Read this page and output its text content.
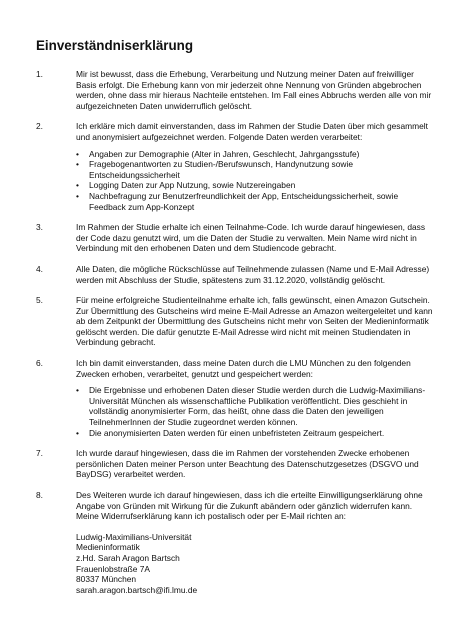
Einverständniserklärung
1.	Mir ist bewusst, dass die Erhebung, Verarbeitung und Nutzung meiner Daten auf freiwilliger Basis erfolgt. Die Erhebung kann von mir jederzeit ohne Nennung von Gründen abgebrochen werden, ohne dass mir hieraus Nachteile entstehen. Im Fall eines Abbruchs werden alle von mir aufgezeichneten Daten unwiderruflich gelöscht.

2.	Ich erkläre mich damit einverstanden, dass im Rahmen der Studie Daten über mich gesammelt und anonymisiert aufgezeichnet werden. Folgende Daten werden verarbeitet:

•	Angaben zur Demographie (Alter in Jahren, Geschlecht, Jahrgangsstufe)
•	Fragebogenantworten zu Studien-/Berufswunsch, Handynutzung sowie Entscheidungssicherheit
•	Logging Daten zur App Nutzung, sowie Nutzereingaben
•	Nachbefragung zur Benutzerfreundlichkeit der App, Entscheidungssicherheit, sowie Feedback zum App-Konzept
3.	Im Rahmen der Studie erhalte ich einen Teilnahme-Code. Ich wurde darauf hingewiesen, dass der Code dazu genutzt wird, um die Daten der Studie zu verwalten. Mein Name wird nicht in Verbindung mit den erhobenen Daten und dem Studiencode gebracht.

4.	Alle Daten, die mögliche Rückschlüsse auf Teilnehmende zulassen (Name und E-Mail Adresse) werden mit Abschluss der Studie, spätestens zum 31.12.2020, vollständig gelöscht.

5.	Für meine erfolgreiche Studienteilnahme erhalte ich, falls gewünscht, einen Amazon Gutschein. Zur Übermittlung des Gutscheins wird meine E-Mail Adresse an Amazon weitergeleitet und kann ab dem Zeitpunkt der Übermittlung des Gutscheins nicht mehr von Seiten der Medieninformatik gelöscht werden. Die dafür genutzte E-Mail Adresse wird nicht mit meinen Studiendaten in Verbindung gebracht.

6.	Ich bin damit einverstanden, dass meine Daten durch die LMU München zu den folgenden Zwecken erhoben, verarbeitet, genutzt und gespeichert werden:

•	Die Ergebnisse und erhobenen Daten dieser Studie werden durch die Ludwig-Maximilians-Universität München als wissenschaftliche Publikation veröffentlicht. Dies geschieht in vollständig anonymisierter Form, das heißt, ohne dass die Daten den jeweiligen TeilnehmerInnen der Studie zugeordnet werden können.
•	Die anonymisierten Daten werden für einen unbefristeten Zeitraum gespeichert.
7.	Ich wurde darauf hingewiesen, dass die im Rahmen der vorstehenden Zwecke erhobenen persönlichen Daten meiner Person unter Beachtung des Datenschutzgesetzes (DSGVO und BayDSG) verarbeitet werden.

8.	Des Weiteren wurde ich darauf hingewiesen, dass ich die erteilte Einwilligungserklärung ohne Angabe von Gründen mit Wirkung für die Zukunft abändern oder gänzlich widerrufen kann. Meine Widerrufserklärung kann ich postalisch oder per E-Mail richten an:

Ludwig-Maximilians-Universität
Medieninformatik
z.Hd. Sarah Aragon Bartsch
Frauenlobstraße 7A
80337 München
sarah.aragon.bartsch@ifi.lmu.de
